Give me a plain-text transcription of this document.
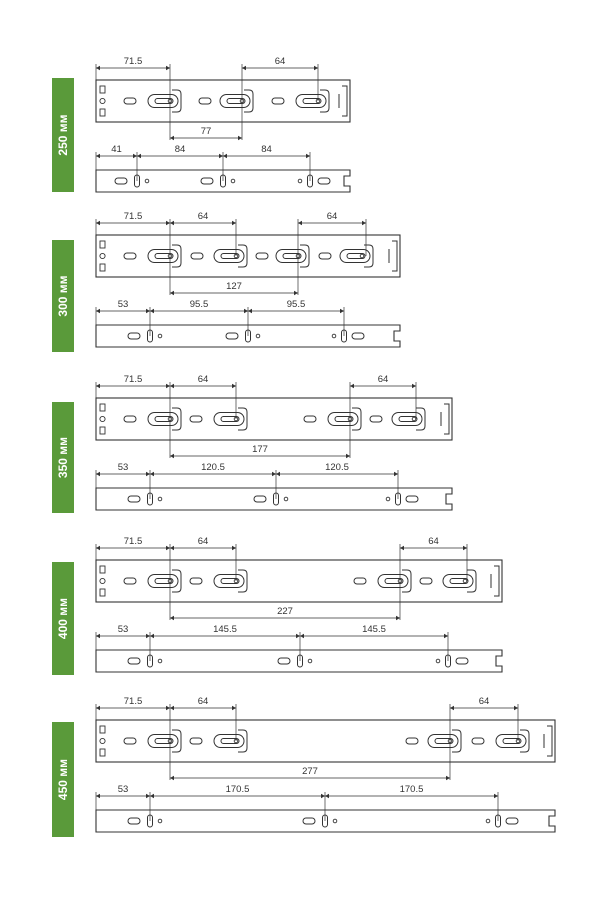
250 мм
71.5	64
77
41	84	84
300 мм
71.5	64	64
127
53	95.5	95.5
350 мм
71.5	64	64
177
53	120.5	120.5
400 мм
71.5	64	64
227
53	145.5	145.5
450 мм
71.5	64	64
277
53	170.5	170.5
